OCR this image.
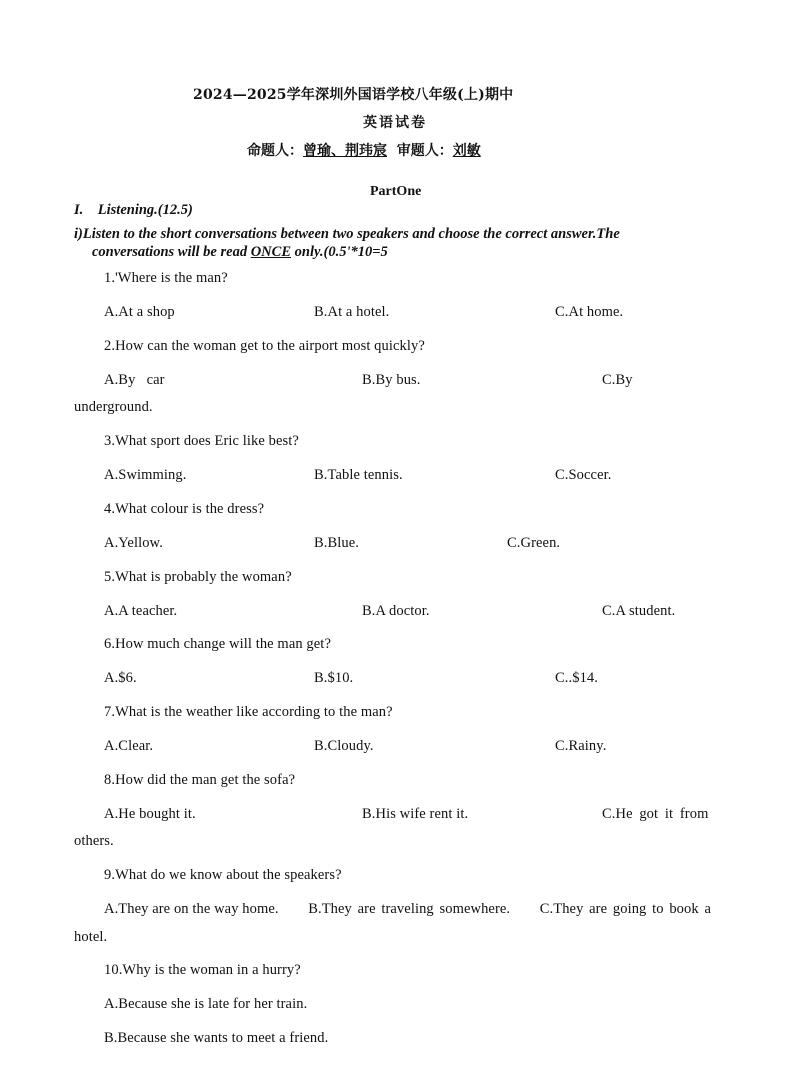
2024—2025学年深圳外国语学校八年级(上)期中
英语试卷
命题人：曾瑜、荆玮宸 审题人：刘敏
PartOne
I. Listening.(12.5)
i)Listen to the short conversations between two speakers and choose the correct answer.The
conversations will be read ONCE only.(0.5'*10=5
1.'Where is the man?
A.At a shop	B.At a hotel.	C.At home.
2.How can the woman get to the airport most quickly?
A.By   car	B.By bus.	C.By
underground.
3.What sport does Eric like best?
A.Swimming.	B.Table tennis.	C.Soccer.
4.What colour is the dress?
A.Yellow.	B.Blue.	C.Green.
5.What is probably the woman?
A.A teacher.	B.A doctor.	C.A student.
6.How much change will the man get?
A.$6.	B.$10.	C..$14.
7.What is the weather like according to the man?
A.Clear.	B.Cloudy.	C.Rainy.
8.How did the man get the sofa?
A.He bought it.	B.His wife rent it.	C.He got it from
others.
9.What do we know about the speakers?
A.They are on the way home. B.They are traveling somewhere. C.They are going to book a
hotel.
10.Why is the woman in a hurry?
A.Because she is late for her train.
B.Because she wants to meet a friend.
